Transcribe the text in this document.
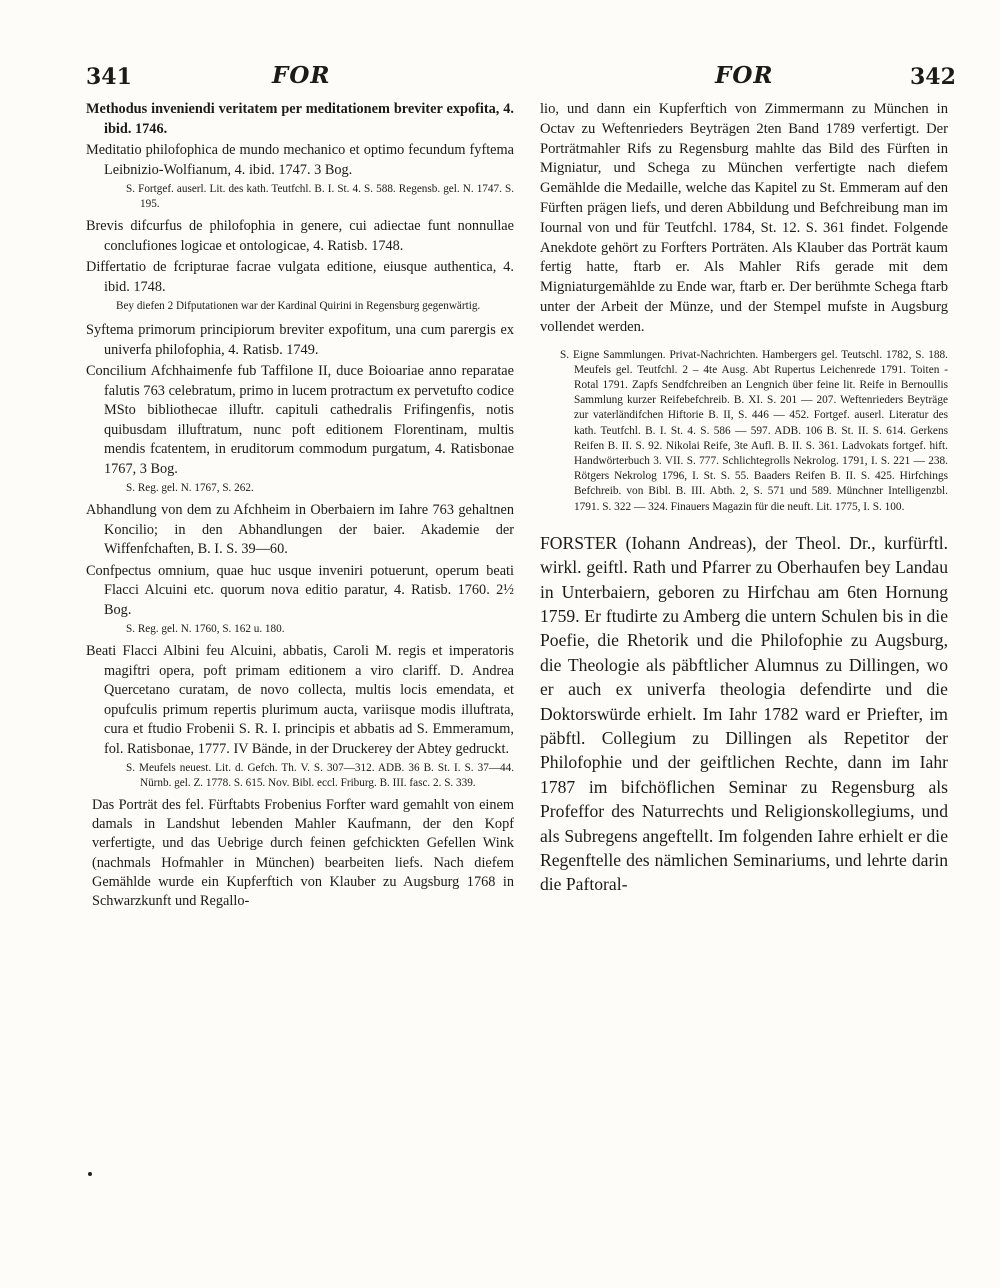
341	FOR	FOR	342

Methodus inveniendi veritatem per meditationem breviter expofita, 4. ibid. 1746.

Meditatio philofophica de mundo mechanico et optimo fecundum fyftema Leibnizio-Wolfianum, 4. ibid. 1747. 3 Bog.

S. Fortgef. auserl. Lit. des kath. Teutfchl. B. I. St. 4. S. 588. Regensb. gel. N. 1747. S. 195.

Brevis difcurfus de philofophia in genere, cui adiectae funt nonnullae conclufiones logicae et ontologicae, 4. Ratisb. 1748.

Differtatio de fcripturae facrae vulgata editione, eiusque authentica, 4. ibid. 1748.

Bey diefen 2 Difputationen war der Kardinal Quirini in Regensburg gegenwärtig.

Syftema primorum principiorum breviter expofitum, una cum parergis ex univerfa philofophia, 4. Ratisb. 1749.

Concilium Afchhaimenfe fub Taffilone II, duce Boioariae anno reparatae falutis 763 celebratum, primo in lucem protractum ex pervetufto codice MSto bibliothecae illuftr. capituli cathedralis Frifingenfis, notis quibusdam illuftratum, nunc poft editionem Florentinam, multis mendis fcatentem, in eruditorum commodum purgatum, 4. Ratisbonae 1767, 3 Bog.

S. Reg. gel. N. 1767, S. 262.

Abhandlung von dem zu Afchheim in Oberbaiern im Iahre 763 gehaltnen Koncilio; in den Abhandlungen der baier. Akademie der Wiffenfchaften, B. I. S. 39—60.

Confpectus omnium, quae huc usque inveniri potuerunt, operum beati Flacci Alcuini etc. quorum nova editio paratur, 4. Ratisb. 1760. 2½ Bog.

S. Reg. gel. N. 1760, S. 162 u. 180.

Beati Flacci Albini feu Alcuini, abbatis, Caroli M. regis et imperatoris magiftri opera, poft primam editionem a viro clariff. D. Andrea Quercetano curatam, de novo collecta, multis locis emendata, et opufculis primum repertis plurimum aucta, variisque modis illuftrata, cura et ftudio Frobenii S. R. I. principis et abbatis ad S. Emmeramum, fol. Ratisbonae, 1777. IV Bände, in der Druckerey der Abtey gedruckt.

S. Meufels neuest. Lit. d. Gefch. Th. V. S. 307—312. ADB. 36 B. St. I. S. 37—44. Nürnb. gel. Z. 1778. S. 615. Nov. Bibl. eccl. Friburg. B. III. fasc. 2. S. 339.

Das Porträt des fel. Fürftabts Frobenius Forfter ward gemahlt von einem damals in Landshut lebenden Mahler Kaufmann, der den Kopf verfertigte, und das Uebrige durch feinen gefchickten Gefellen Wink (nachmals Hofmahler in München) bearbeiten liefs. Nach diefem Gemählde wurde ein Kupferftich von Klauber zu Augsburg 1768 in Schwarzkunft und Regallo-

lio, und dann ein Kupferftich von Zimmermann zu München in Octav zu Weftenrieders Beyträgen 2ten Band 1789 verfertigt. Der Porträtmahler Rifs zu Regensburg mahlte das Bild des Fürften in Migniatur, und Schega zu München verfertigte nach diefem Gemählde die Medaille, welche das Kapitel zu St. Emmeram auf den Fürften prägen liefs, und deren Abbildung und Befchreibung man im Iournal von und für Teutfchl. 1784, St. 12. S. 361 findet. Folgende Anekdote gehört zu Forfters Porträten. Als Klauber das Porträt kaum fertig hatte, ftarb er. Als Mahler Rifs gerade mit dem Migniaturgemählde zu Ende war, ftarb er. Der berühmte Schega ftarb unter der Arbeit der Münze, und der Stempel mufste in Augsburg vollendet werden.

S. Eigne Sammlungen. Privat-Nachrichten. Hambergers gel. Teutschl. 1782, S. 188. Meufels gel. Teutfchl. 2 – 4te Ausg. Abt Rupertus Leichenrede 1791. Toiten - Rotal 1791. Zapfs Sendfchreiben an Lengnich über feine lit. Reife in Bernoullis Sammlung kurzer Reifebefchreib. B. XI. S. 201 — 207. Weftenrieders Beyträge zur vaterländifchen Hiftorie B. II, S. 446 — 452. Fortgef. auserl. Literatur des kath. Teutfchl. B. I. St. 4. S. 586 — 597. ADB. 106 B. St. II. S. 614. Gerkens Reifen B. II. S. 92. Nikolai Reife, 3te Aufl. B. II. S. 361. Ladvokats fortgef. hift. Handwörterbuch 3. VII. S. 777. Schlichtegrolls Nekrolog. 1791, I. S. 221 — 238. Rötgers Nekrolog 1796, I. St. S. 55. Baaders Reifen B. II. S. 425. Hirfchings Befchreib. von Bibl. B. III. Abth. 2, S. 571 und 589. Münchner Intelligenzbl. 1791. S. 322 — 324. Finauers Magazin für die neuft. Lit. 1775, I. S. 100.

FORSTER (Iohann Andreas), der Theol. Dr., kurfürftl. wirkl. geiftl. Rath und Pfarrer zu Oberhaufen bey Landau in Unterbaiern, geboren zu Hirfchau am 6ten Hornung 1759. Er ftudirte zu Amberg die untern Schulen bis in die Poefie, die Rhetorik und die Philofophie zu Augsburg, die Theologie als päbftlicher Alumnus zu Dillingen, wo er auch ex univerfa theologia defendirte und die Doktorswürde erhielt. Im Iahr 1782 ward er Priefter, im päbftl. Collegium zu Dillingen als Repetitor der Philofophie und der geiftlichen Rechte, dann im Iahr 1787 im bifchöflichen Seminar zu Regensburg als Profeffor des Naturrechts und Religionskollegiums, und als Subregens angeftellt. Im folgenden Iahre erhielt er die Regenftelle des nämlichen Seminariums, und lehrte darin die Paftoral-
